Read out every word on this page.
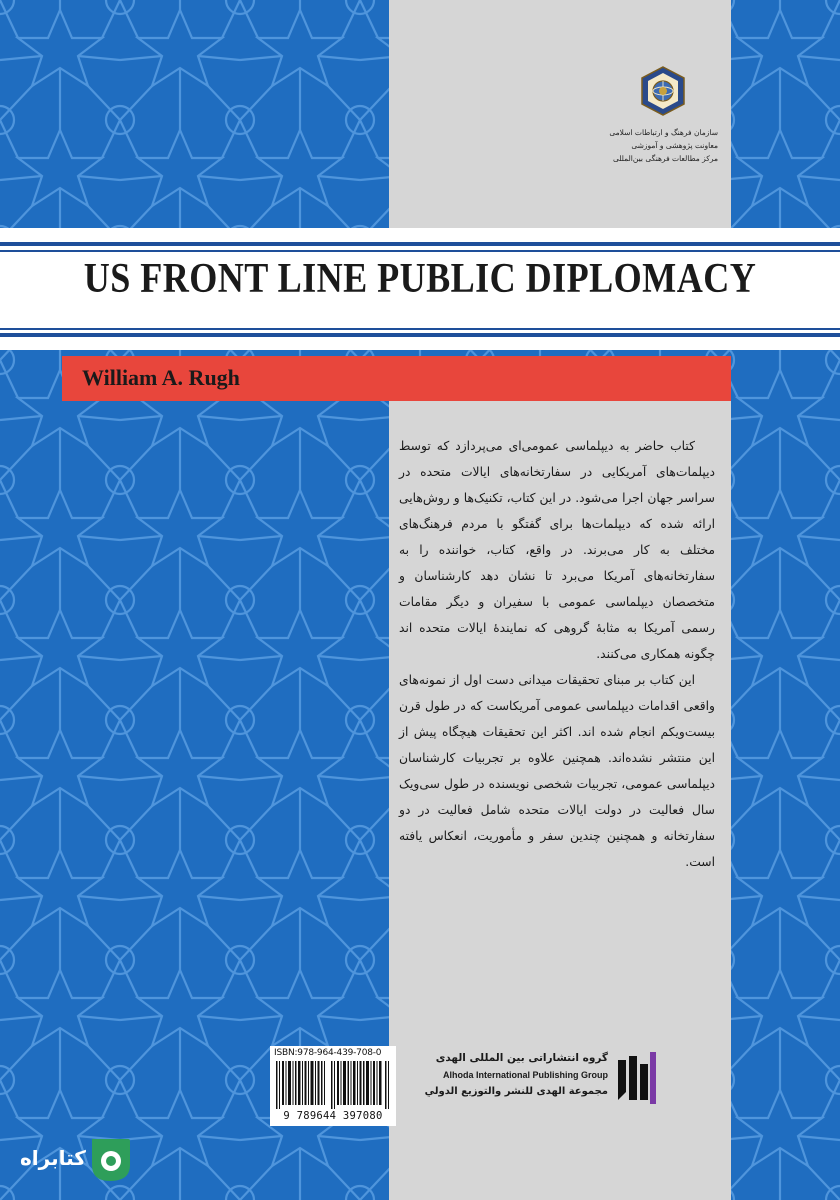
سازمان فرهنگ و ارتباطات اسلامی
معاونت پژوهشی و آموزشی
مرکز مطالعات فرهنگی بین‌المللی
US FRONT LINE PUBLIC DIPLOMACY
William A. Rugh

کتاب حاضر به دیپلماسی عمومی‌ای می‌پردازد که توسط دیپلمات‌های آمریکایی در سفارتخانه‌های ایالات متحده در سراسر جهان اجرا می‌شود. در این کتاب، تکنیک‌ها و روش‌هایی ارائه شده که دیپلمات‌ها برای گفتگو با مردم فرهنگ‌های مختلف به کار می‌برند. در واقع، کتاب، خواننده را به سفارتخانه‌های آمریکا می‌برد تا نشان دهد کارشناسان و متخصصان دیپلماسی عمومی با سفیران و دیگر مقامات رسمی آمریکا به مثابهٔ گروهی که نمایندهٔ ایالات متحده اند چگونه همکاری می‌کنند.

این کتاب بر مبنای تحقیقات میدانی دست اول از نمونه‌های واقعی اقدامات دیپلماسی عمومی آمریکاست که در طول قرن بیست‌ویکم انجام شده اند. اکثر این تحقیقات هیچگاه پیش از این منتشر نشده‌اند. همچنین علاوه بر تجربیات کارشناسان دیپلماسی عمومی، تجربیات شخصی نویسنده در طول سی‌ویک سال فعالیت در دولت ایالات متحده شامل فعالیت در دو سفارتخانه و همچنین چندین سفر و مأموریت، انعکاس یافته است.

ISBN:978-964-439-708-0
9 789644 397080
گروه انتشاراتی بین المللی الهدی
Alhoda International Publishing Group
مجموعة الهدى للنشر والتوزيع الدولي
کتابراه
